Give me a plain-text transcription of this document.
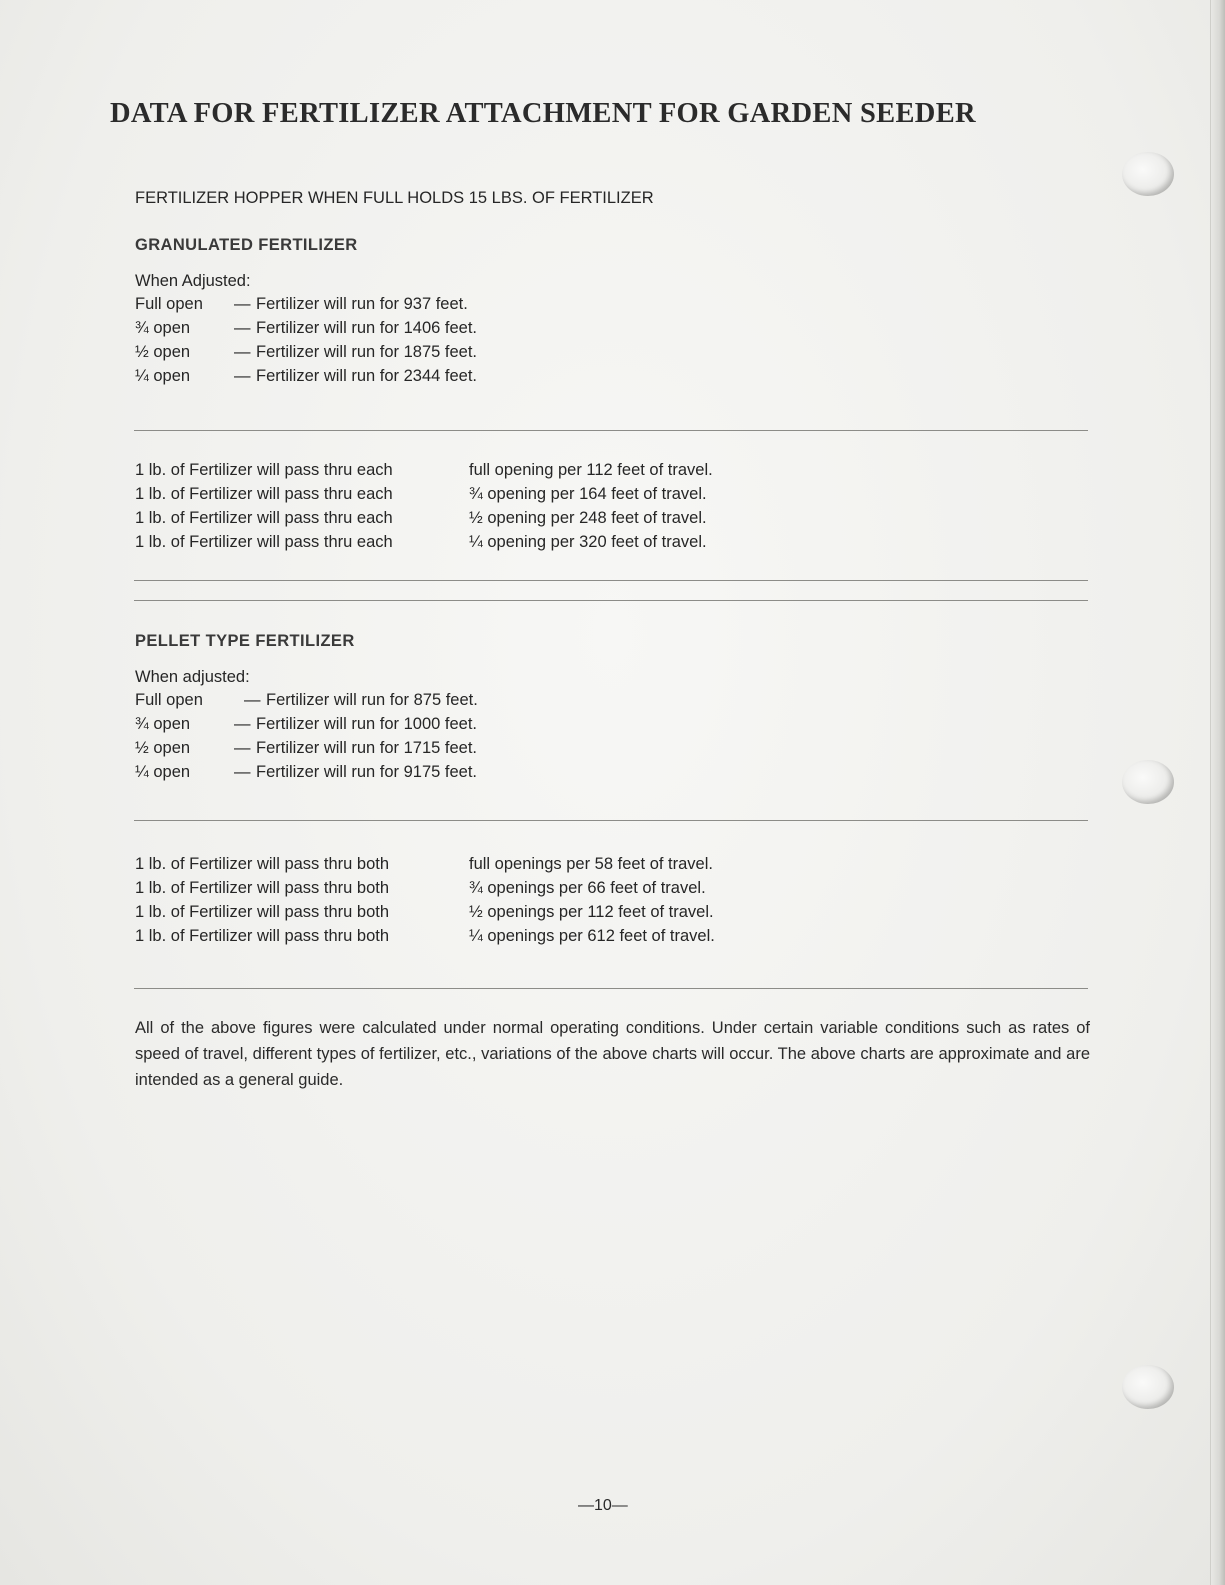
DATA FOR FERTILIZER ATTACHMENT FOR GARDEN SEEDER
FERTILIZER HOPPER WHEN FULL HOLDS 15 LBS. OF FERTILIZER
GRANULATED FERTILIZER
When Adjusted:
Full open — Fertilizer will run for 937 feet.
¾ open	— Fertilizer will run for 1406 feet.
½ open	— Fertilizer will run for 1875 feet.
¼ open	— Fertilizer will run for 2344 feet.
1 lb. of Fertilizer will pass thru each	full opening per 112 feet of travel.
1 lb. of Fertilizer will pass thru each	¾ opening per 164 feet of travel.
1 lb. of Fertilizer will pass thru each	½ opening per 248 feet of travel.
1 lb. of Fertilizer will pass thru each	¼ opening per 320 feet of travel.
PELLET TYPE FERTILIZER
When adjusted:
Full open — Fertilizer will run for 875 feet.
¾ open	— Fertilizer will run for 1000 feet.
½ open	— Fertilizer will run for 1715 feet.
¼ open	— Fertilizer will run for 9175 feet.
1 lb. of Fertilizer will pass thru both	full openings per 58 feet of travel.
1 lb. of Fertilizer will pass thru both	¾ openings per 66 feet of travel.
1 lb. of Fertilizer will pass thru both	½ openings per 112 feet of travel.
1 lb. of Fertilizer will pass thru both	¼ openings per 612 feet of travel.
All of the above figures were calculated under normal operating conditions. Under certain variable conditions such as rates of speed of travel, different types of fertilizer, etc., variations of the above charts will occur. The above charts are approximate and are intended as a general guide.
—10—
